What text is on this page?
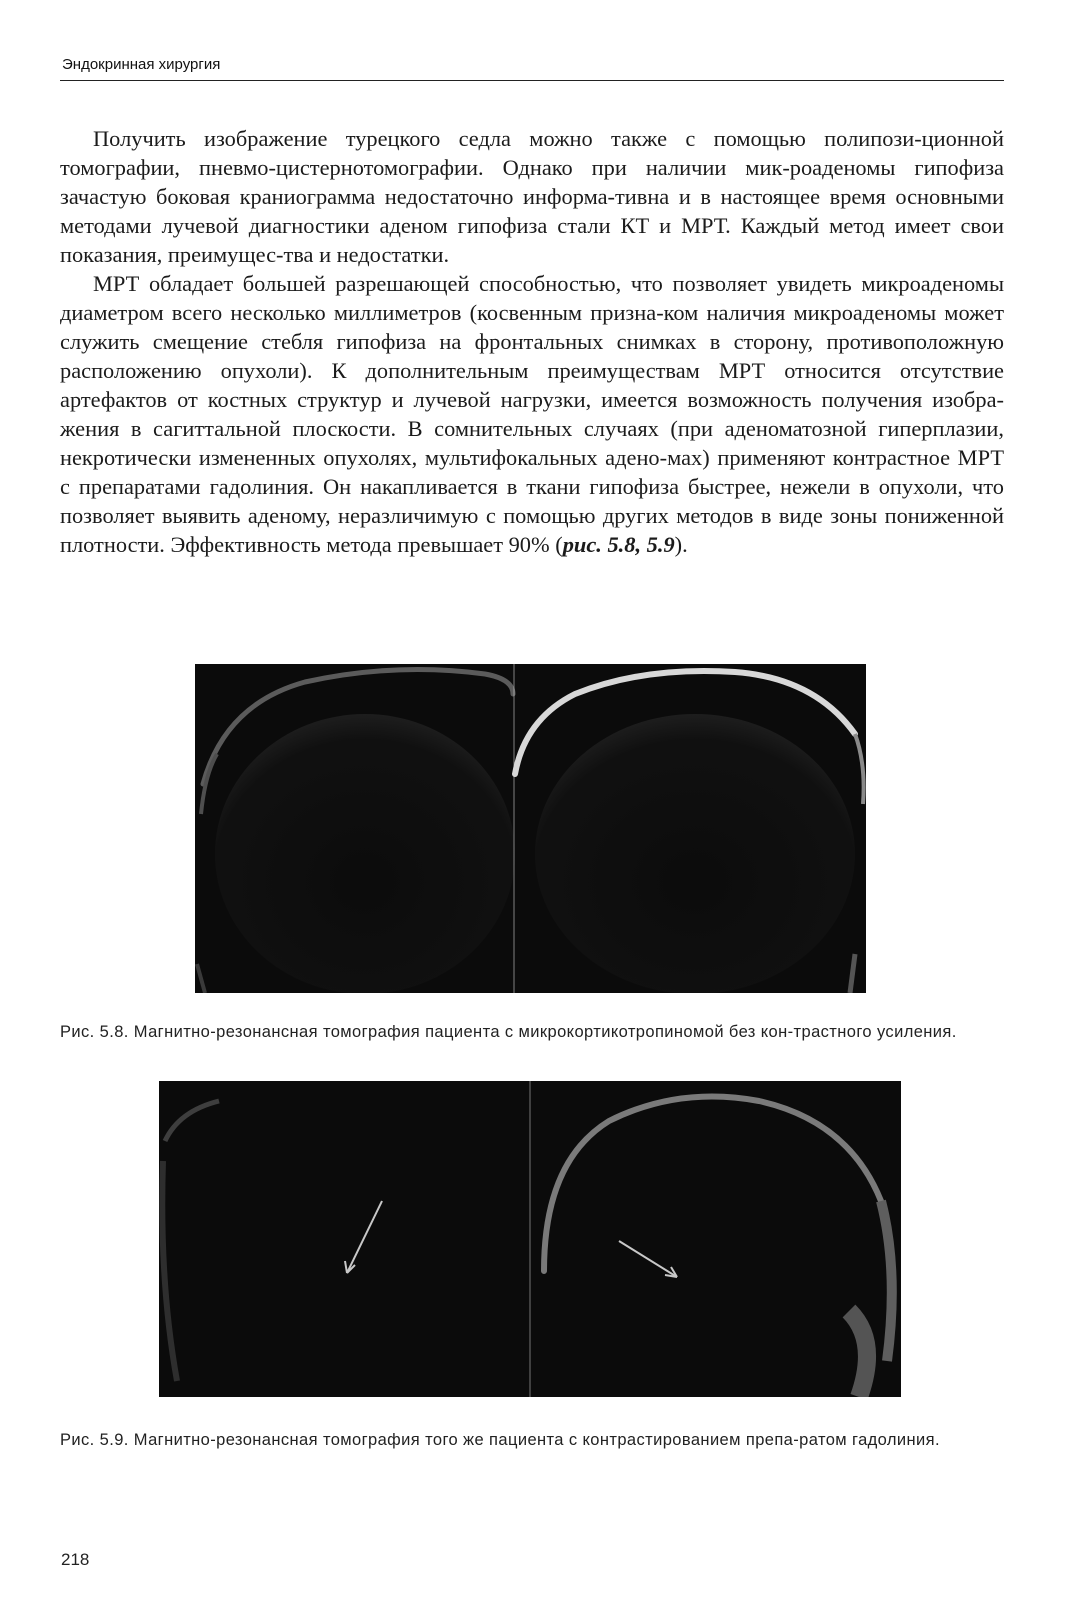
Эндокринная хирургия

Получить изображение турецкого седла можно также с помощью полипози-ционной томографии, пневмо-цистернотомографии. Однако при наличии мик-роаденомы гипофиза зачастую боковая краниограмма недостаточно информа-тивна и в настоящее время основными методами лучевой диагностики аденом гипофиза стали КТ и МРТ. Каждый метод имеет свои показания, преимущес-тва и недостатки.

МРТ обладает большей разрешающей способностью, что позволяет увидеть микроаденомы диаметром всего несколько миллиметров (косвенным призна-ком наличия микроаденомы может служить смещение стебля гипофиза на фронтальных снимках в сторону, противоположную расположению опухоли). К дополнительным преимуществам МРТ относится отсутствие артефактов от костных структур и лучевой нагрузки, имеется возможность получения изобра-жения в сагиттальной плоскости. В сомнительных случаях (при аденоматозной гиперплазии, некротически измененных опухолях, мультифокальных адено-мах) применяют контрастное МРТ с препаратами гадолиния. Он накапливается в ткани гипофиза быстрее, нежели в опухоли, что позволяет выявить аденому, неразличимую с помощью других методов в виде зоны пониженной плотности. Эффективность метода превышает 90% (рис. 5.8, 5.9).

Рис. 5.8. Магнитно-резонансная томография пациента с микрокортикотропиномой без кон-трастного усиления.
Рис. 5.9. Магнитно-резонансная томография того же пациента с контрастированием препа-ратом гадолиния.
218
